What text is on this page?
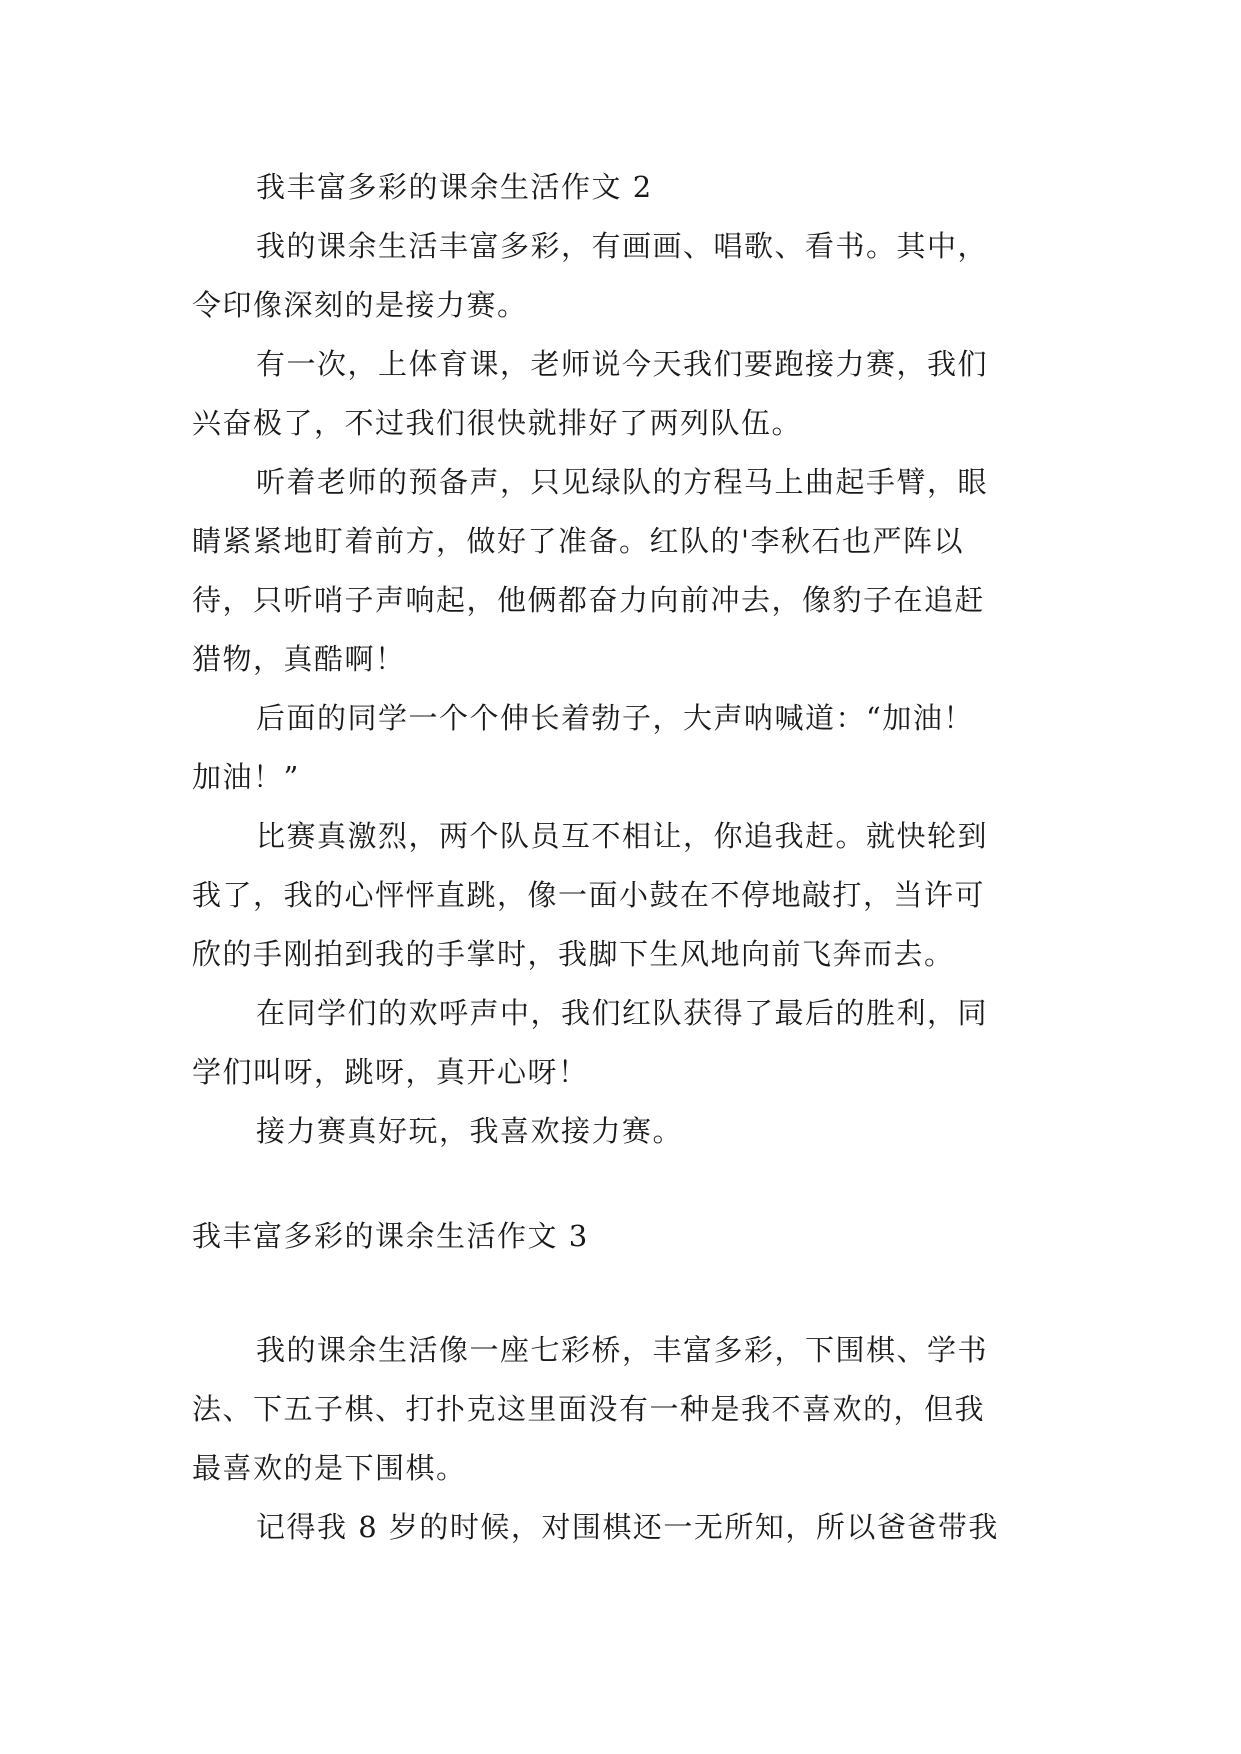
我丰富多彩的课余生活作文 2
我的课余生活丰富多彩，有画画、唱歌、看书。其中，
令印像深刻的是接力赛。
有一次，上体育课，老师说今天我们要跑接力赛，我们
兴奋极了，不过我们很快就排好了两列队伍。
听着老师的预备声，只见绿队的方程马上曲起手臂，眼
睛紧紧地盯着前方，做好了准备。红队的'李秋石也严阵以
待，只听哨子声响起，他俩都奋力向前冲去，像豹子在追赶
猎物，真酷啊！
后面的同学一个个伸长着勃子，大声呐喊道：“加油！
加油！”
比赛真激烈，两个队员互不相让，你追我赶。就快轮到
我了，我的心怦怦直跳，像一面小鼓在不停地敲打，当许可
欣的手刚拍到我的手掌时，我脚下生风地向前飞奔而去。
在同学们的欢呼声中，我们红队获得了最后的胜利，同
学们叫呀，跳呀，真开心呀！
接力赛真好玩，我喜欢接力赛。
我丰富多彩的课余生活作文 3
我的课余生活像一座七彩桥，丰富多彩，下围棋、学书
法、下五子棋、打扑克这里面没有一种是我不喜欢的，但我
最喜欢的是下围棋。
记得我 8 岁的时候，对围棋还一无所知，所以爸爸带我
